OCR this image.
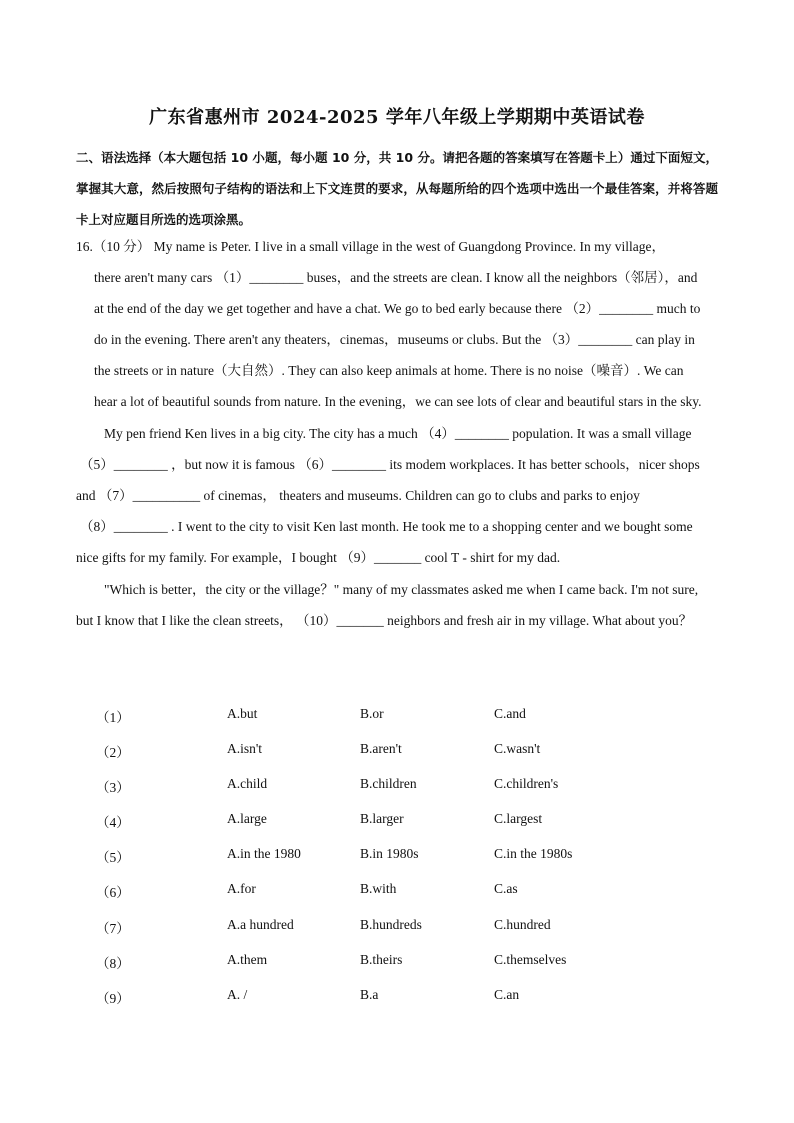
广东省惠州市 2024-2025 学年八年级上学期期中英语试卷
二、语法选择（本大题包括 10 小题，每小题 10 分，共 10 分。请把各题的答案填写在答题卡上）通过下面短文，掌握其大意，然后按照句子结构的语法和上下文连贯的要求，从每题所给的四个选项中选出一个最佳答案，并将答题卡上对应题目所选的选项涂黑。
16.（10 分） My name is Peter. I live in a small village in the west of Guangdong Province. In my village，
there aren't many cars （1）________ buses，and the streets are clean. I know all the neighbors（邻居），and
at the end of the day we get together and have a chat. We go to bed early because there （2）________ much to
do in the evening. There aren't any theaters，cinemas，museums or clubs. But the （3）________ can play in
the streets or in nature（大自然）. They can also keep animals at home. There is no noise（噪音）. We can
hear a lot of beautiful sounds from nature. In the evening，we can see lots of clear and beautiful stars in the sky.
My pen friend Ken lives in a big city. The city has a much （4）________ population. It was a small village
（5）________ ，but now it is famous （6）________ its modem workplaces. It has better schools，nicer shops
and （7）__________ of cinemas， theaters and museums. Children can go to clubs and parks to enjoy
（8）________ . I went to the city to visit Ken last month. He took me to a shopping center and we bought some
nice gifts for my family. For example，I bought （9）_______ cool T - shirt for my dad.
"Which is better，the city or the village？" many of my classmates asked me when I came back. I'm not sure,
but I know that I like the clean streets， （10）_______ neighbors and fresh air in my village. What about you？
（1）	A.but	B.or	C.and
（2）	A.isn't	B.aren't	C.wasn't
（3）	A.child	B.children	C.children's
（4）	A.large	B.larger	C.largest
（5）	A.in the 1980	B.in 1980s	C.in the 1980s
（6）	A.for	B.with	C.as
（7）	A.a hundred	B.hundreds	C.hundred
（8）	A.them	B.theirs	C.themselves
（9）	A. /	B.a	C.an
